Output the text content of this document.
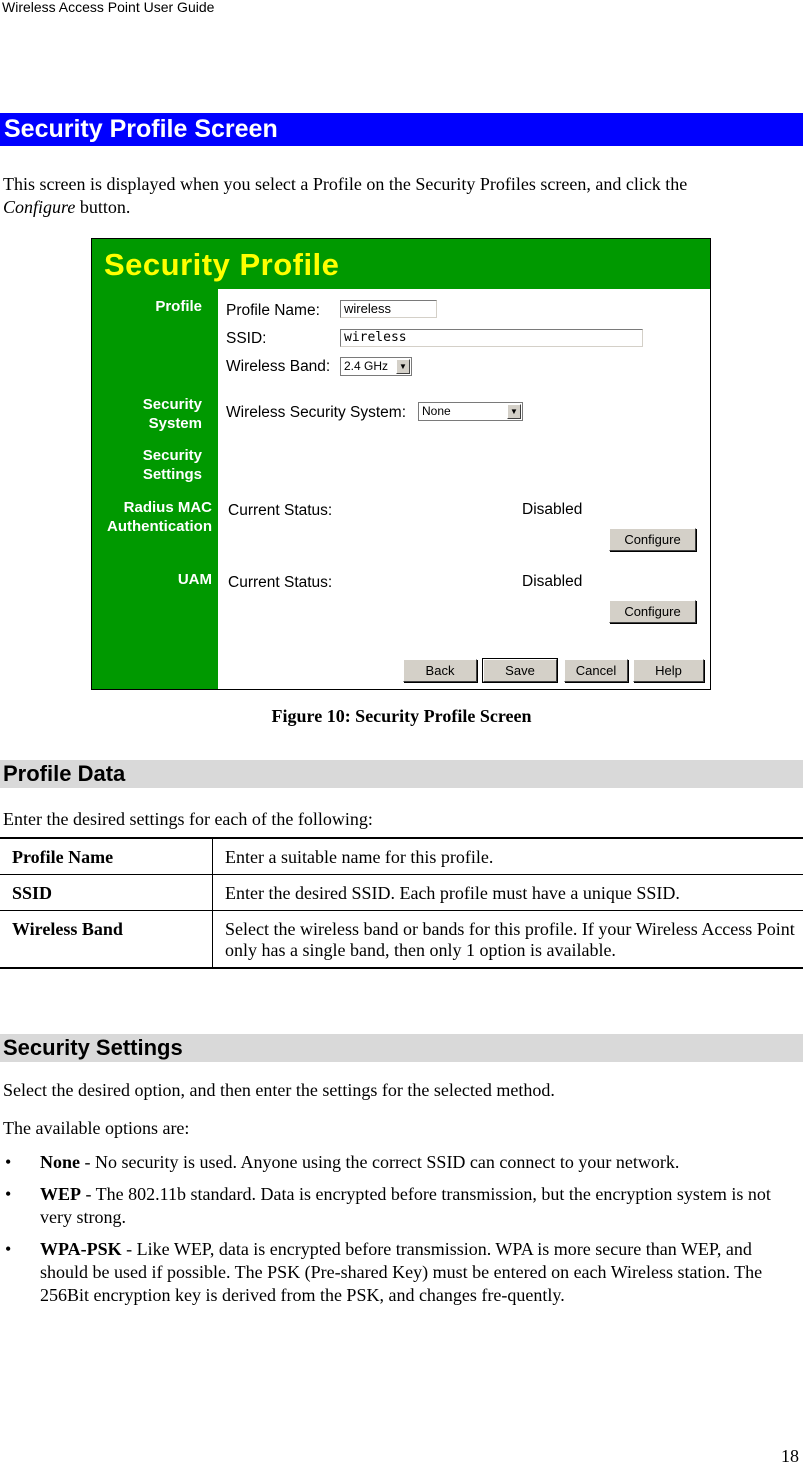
Wireless Access Point User Guide
Security Profile Screen
This screen is displayed when you select a Profile on the Security Profiles screen, and click the
Configure button.
Security Profile
Profile
Security
System
Security
Settings
Radius MAC
Authentication
UAM
Profile Name:	wireless
SSID:	wireless
Wireless Band:	2.4 GHz	▼
Wireless Security System:	None	▼
Current Status:	Disabled
Configure
Current Status:	Disabled
Configure
Back	Save	Cancel	Help
Figure 10: Security Profile Screen
Profile Data
Enter the desired settings for each of the following:
Profile Name	Enter a suitable name for this profile.
SSID	Enter the desired SSID. Each profile must have a unique SSID.
Wireless Band	Select the wireless band or bands for this profile. If your Wireless Access Point only has a single band, then only 1 option is available.
Security Settings
Select the desired option, and then enter the settings for the selected method.
The available options are:
• None - No security is used. Anyone using the correct SSID can connect to your network.
• WEP - The 802.11b standard. Data is encrypted before transmission, but the encryption system is not very strong.
• WPA-PSK - Like WEP, data is encrypted before transmission. WPA is more secure than WEP, and should be used if possible. The PSK (Pre-shared Key) must be entered on each Wireless station. The 256Bit encryption key is derived from the PSK, and changes fre-quently.
18
